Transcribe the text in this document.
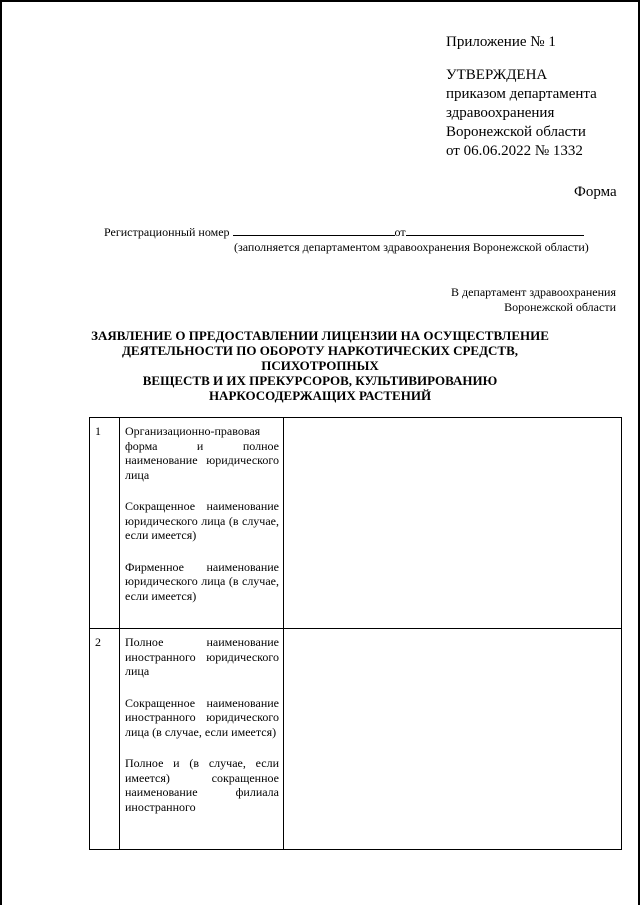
Приложение № 1
УТВЕРЖДЕНА
приказом департамента
здравоохранения
Воронежской области
от 06.06.2022 № 1332
Форма
Регистрационный номер	от
(заполняется департаментом здравоохранения Воронежской области)
В департамент здравоохранения
Воронежской области
ЗАЯВЛЕНИЕ О ПРЕДОСТАВЛЕНИИ ЛИЦЕНЗИИ НА ОСУЩЕСТВЛЕНИЕ
ДЕЯТЕЛЬНОСТИ ПО ОБОРОТУ НАРКОТИЧЕСКИХ СРЕДСТВ, ПСИХОТРОПНЫХ
ВЕЩЕСТВ И ИХ ПРЕКУРСОРОВ, КУЛЬТИВИРОВАНИЮ
НАРКОСОДЕРЖАЩИХ РАСТЕНИЙ
1	Организационно-правовая форма и полное наименование юридического лица
Сокращенное наименование юридического лица (в случае, если имеется)
Фирменное наименование юридического лица (в случае, если имеется)	

2	Полное наименование иностранного юридического лица
Сокращенное наименование иностранного юридического лица (в случае, если имеется)
Полное и (в случае, если имеется) сокращенное наименование филиала иностранного	
